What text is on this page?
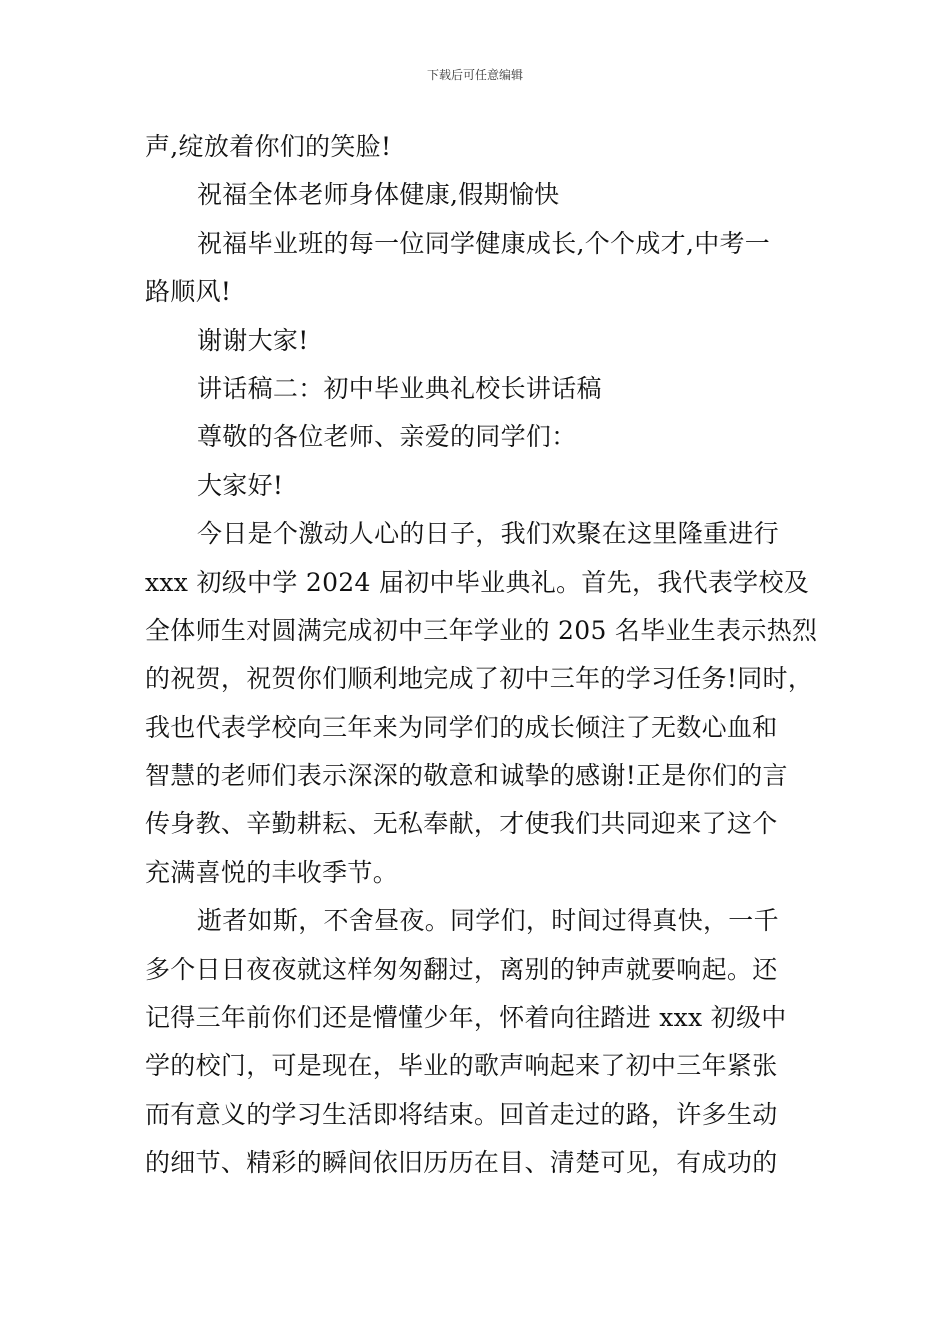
下载后可任意编辑
声,绽放着你们的笑脸!
祝福全体老师身体健康,假期愉快
祝福毕业班的每一位同学健康成长,个个成才,中考一
路顺风!
谢谢大家!
讲话稿二：初中毕业典礼校长讲话稿
尊敬的各位老师、亲爱的同学们：
大家好!
今日是个激动人心的日子，我们欢聚在这里隆重进行
xxx 初级中学 2024 届初中毕业典礼。首先，我代表学校及
全体师生对圆满完成初中三年学业的 205 名毕业生表示热烈
的祝贺，祝贺你们顺利地完成了初中三年的学习任务!同时，
我也代表学校向三年来为同学们的成长倾注了无数心血和
智慧的老师们表示深深的敬意和诚挚的感谢!正是你们的言
传身教、辛勤耕耘、无私奉献，才使我们共同迎来了这个
充满喜悦的丰收季节。
逝者如斯，不舍昼夜。同学们，时间过得真快，一千
多个日日夜夜就这样匆匆翻过，离别的钟声就要响起。还
记得三年前你们还是懵懂少年，怀着向往踏进 xxx 初级中
学的校门，可是现在，毕业的歌声响起来了初中三年紧张
而有意义的学习生活即将结束。回首走过的路，许多生动
的细节、精彩的瞬间依旧历历在目、清楚可见，有成功的
